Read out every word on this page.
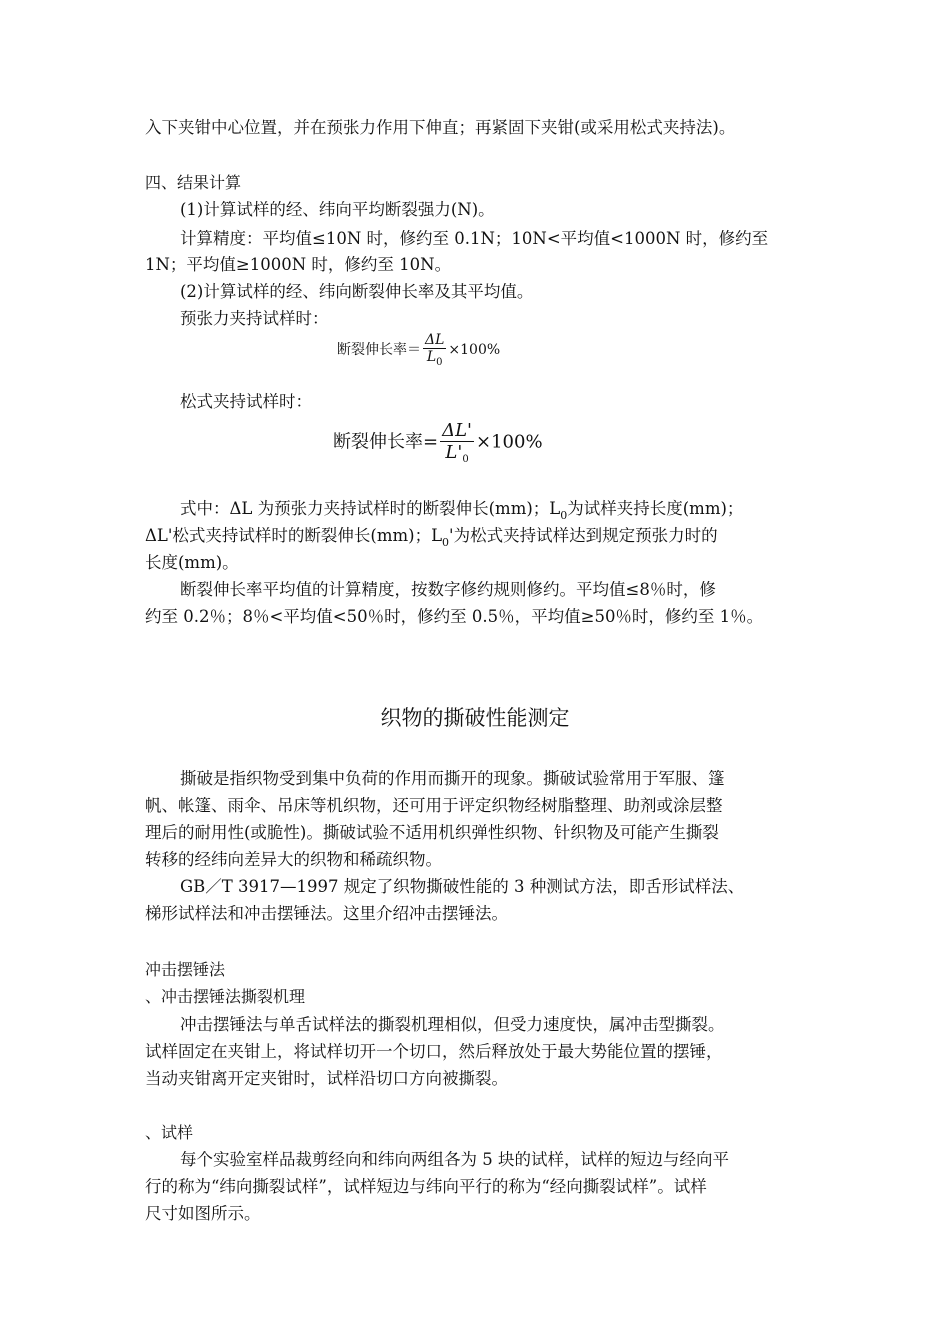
入下夹钳中心位置，并在预张力作用下伸直；再紧固下夹钳(或采用松式夹持法)。
四、结果计算
(1)计算试样的经、纬向平均断裂强力(N)。
计算精度：平均值≤10N 时，修约至 0.1N；10N<平均值<1000N 时，修约至
1N；平均值≥1000N 时，修约至 10N。
(2)计算试样的经、纬向断裂伸长率及其平均值。
预张力夹持试样时：
断裂伸长率＝ $\frac{\Delta L}{L_0} \times 100\%$
松式夹持试样时：
断裂伸长率= $\frac{\Delta L'}{L'_0} \times 100\%$
式中：ΔL 为预张力夹持试样时的断裂伸长(mm)；$L_0$为试样夹持长度(mm)；
ΔL'松式夹持试样时的断裂伸长(mm)；$L_0'$为松式夹持试样达到规定预张力时的
长度(mm)。
断裂伸长率平均值的计算精度，按数字修约规则修约。平均值≤8％时，修
约至 0.2％；8％<平均值<50％时，修约至 0.5％，平均值≥50％时，修约至 1％。
织物的撕破性能测定
撕破是指织物受到集中负荷的作用而撕开的现象。撕破试验常用于军服、篷
帆、帐篷、雨伞、吊床等机织物，还可用于评定织物经树脂整理、助剂或涂层整
理后的耐用性(或脆性)。撕破试验不适用机织弹性织物、针织物及可能产生撕裂
转移的经纬向差异大的织物和稀疏织物。
GB／T 3917—1997 规定了织物撕破性能的 3 种测试方法，即舌形试样法、
梯形试样法和冲击摆锤法。这里介绍冲击摆锤法。
冲击摆锤法
、冲击摆锤法撕裂机理
冲击摆锤法与单舌试样法的撕裂机理相似，但受力速度快，属冲击型撕裂。
试样固定在夹钳上，将试样切开一个切口，然后释放处于最大势能位置的摆锤，
当动夹钳离开定夹钳时，试样沿切口方向被撕裂。
、试样
每个实验室样品裁剪经向和纬向两组各为 5 块的试样，试样的短边与经向平
行的称为“纬向撕裂试样”，试样短边与纬向平行的称为“经向撕裂试样”。试样
尺寸如图所示。
